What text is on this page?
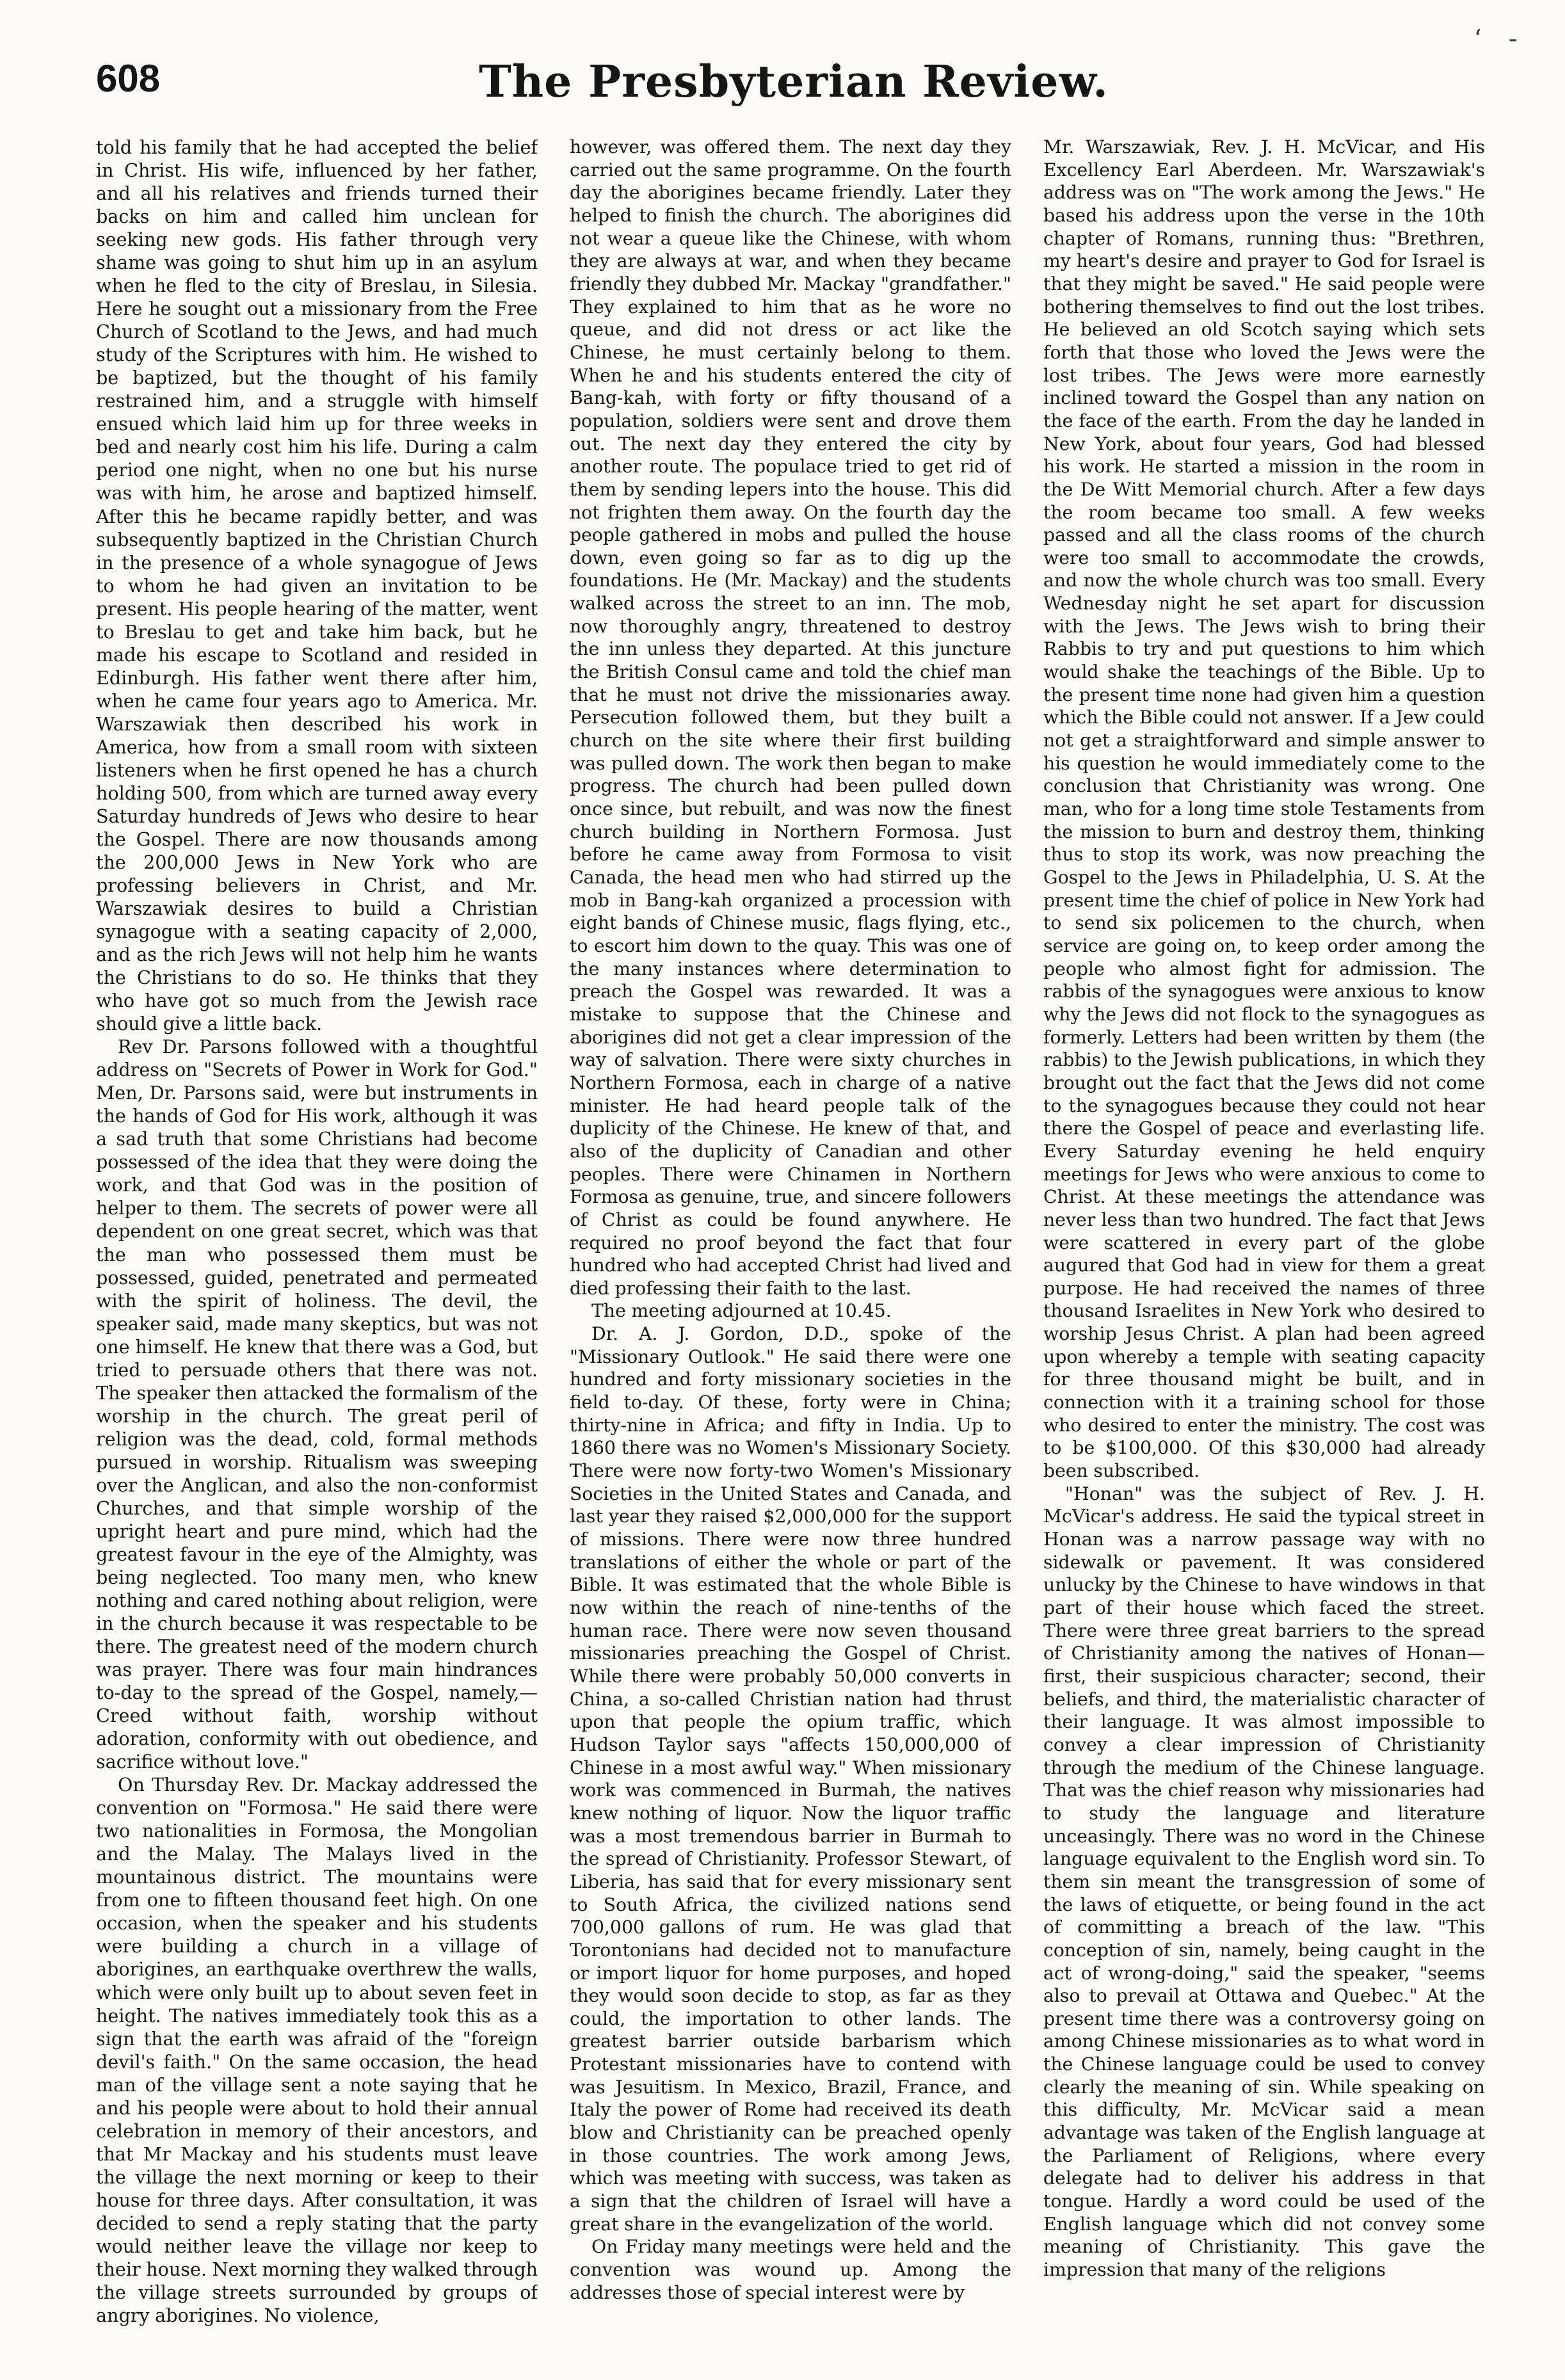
‘ -
608	The Presbyterian Review.

told his family that he had accepted the belief in Christ. His wife, influenced by her father, and all his relatives and friends turned their backs on him and called him unclean for seeking new gods. His father through very shame was going to shut him up in an asylum when he fled to the city of Breslau, in Silesia. Here he sought out a missionary from the Free Church of Scotland to the Jews, and had much study of the Scriptures with him. He wished to be baptized, but the thought of his family restrained him, and a struggle with himself ensued which laid him up for three weeks in bed and nearly cost him his life. During a calm period one night, when no one but his nurse was with him, he arose and baptized himself. After this he became rapidly better, and was subsequently baptized in the Christian Church in the presence of a whole synagogue of Jews to whom he had given an invitation to be present. His people hearing of the matter, went to Breslau to get and take him back, but he made his escape to Scotland and resided in Edinburgh. His father went there after him, when he came four years ago to America. Mr. Warszawiak then described his work in America, how from a small room with sixteen listeners when he first opened he has a church holding 500, from which are turned away every Saturday hundreds of Jews who desire to hear the Gospel. There are now thousands among the 200,000 Jews in New York who are professing believers in Christ, and Mr. Warszawiak desires to build a Christian synagogue with a seating capacity of 2,000, and as the rich Jews will not help him he wants the Christians to do so. He thinks that they who have got so much from the Jewish race should give a little back.

Rev Dr. Parsons followed with a thoughtful address on "Secrets of Power in Work for God." Men, Dr. Parsons said, were but instruments in the hands of God for His work, although it was a sad truth that some Christians had become possessed of the idea that they were doing the work, and that God was in the position of helper to them. The secrets of power were all dependent on one great secret, which was that the man who possessed them must be possessed, guided, penetrated and permeated with the spirit of holiness. The devil, the speaker said, made many skeptics, but was not one himself. He knew that there was a God, but tried to persuade others that there was not. The speaker then attacked the formalism of the worship in the church. The great peril of religion was the dead, cold, formal methods pursued in worship. Ritualism was sweeping over the Anglican, and also the non-conformist Churches, and that simple worship of the upright heart and pure mind, which had the greatest favour in the eye of the Almighty, was being neglected. Too many men, who knew nothing and cared nothing about religion, were in the church because it was respectable to be there. The greatest need of the modern church was prayer. There was four main hindrances to-day to the spread of the Gospel, namely,—Creed without faith, worship without adoration, conformity with out obedience, and sacrifice without love."

On Thursday Rev. Dr. Mackay addressed the convention on "Formosa." He said there were two nationalities in Formosa, the Mongolian and the Malay. The Malays lived in the mountainous district. The mountains were from one to fifteen thousand feet high. On one occasion, when the speaker and his students were building a church in a village of aborigines, an earthquake overthrew the walls, which were only built up to about seven feet in height. The natives immediately took this as a sign that the earth was afraid of the "foreign devil's faith." On the same occasion, the head man of the village sent a note saying that he and his people were about to hold their annual celebration in memory of their ancestors, and that Mr Mackay and his students must leave the village the next morning or keep to their house for three days. After consultation, it was decided to send a reply stating that the party would neither leave the village nor keep to their house. Next morning they walked through the village streets surrounded by groups of angry aborigines. No violence,

however, was offered them. The next day they carried out the same programme. On the fourth day the aborigines became friendly. Later they helped to finish the church. The aborigines did not wear a queue like the Chinese, with whom they are always at war, and when they became friendly they dubbed Mr. Mackay "grandfather." They explained to him that as he wore no queue, and did not dress or act like the Chinese, he must certainly belong to them. When he and his students entered the city of Bang-kah, with forty or fifty thousand of a population, soldiers were sent and drove them out. The next day they entered the city by another route. The populace tried to get rid of them by sending lepers into the house. This did not frighten them away. On the fourth day the people gathered in mobs and pulled the house down, even going so far as to dig up the foundations. He (Mr. Mackay) and the students walked across the street to an inn. The mob, now thoroughly angry, threatened to destroy the inn unless they departed. At this juncture the British Consul came and told the chief man that he must not drive the missionaries away. Persecution followed them, but they built a church on the site where their first building was pulled down. The work then began to make progress. The church had been pulled down once since, but rebuilt, and was now the finest church building in Northern Formosa. Just before he came away from Formosa to visit Canada, the head men who had stirred up the mob in Bang-kah organized a procession with eight bands of Chinese music, flags flying, etc., to escort him down to the quay. This was one of the many instances where determination to preach the Gospel was rewarded. It was a mistake to suppose that the Chinese and aborigines did not get a clear impression of the way of salvation. There were sixty churches in Northern Formosa, each in charge of a native minister. He had heard people talk of the duplicity of the Chinese. He knew of that, and also of the duplicity of Canadian and other peoples. There were Chinamen in Northern Formosa as genuine, true, and sincere followers of Christ as could be found anywhere. He required no proof beyond the fact that four hundred who had accepted Christ had lived and died professing their faith to the last.

The meeting adjourned at 10.45.

Dr. A. J. Gordon, D.D., spoke of the "Missionary Outlook." He said there were one hundred and forty missionary societies in the field to-day. Of these, forty were in China; thirty-nine in Africa; and fifty in India. Up to 1860 there was no Women's Missionary Society. There were now forty-two Women's Missionary Societies in the United States and Canada, and last year they raised $2,000,000 for the support of missions. There were now three hundred translations of either the whole or part of the Bible. It was estimated that the whole Bible is now within the reach of nine-tenths of the human race. There were now seven thousand missionaries preaching the Gospel of Christ. While there were probably 50,000 converts in China, a so-called Christian nation had thrust upon that people the opium traffic, which Hudson Taylor says "affects 150,000,000 of Chinese in a most awful way." When missionary work was commenced in Burmah, the natives knew nothing of liquor. Now the liquor traffic was a most tremendous barrier in Burmah to the spread of Christianity. Professor Stewart, of Liberia, has said that for every missionary sent to South Africa, the civilized nations send 700,000 gallons of rum. He was glad that Torontonians had decided not to manufacture or import liquor for home purposes, and hoped they would soon decide to stop, as far as they could, the importation to other lands. The greatest barrier outside barbarism which Protestant missionaries have to contend with was Jesuitism. In Mexico, Brazil, France, and Italy the power of Rome had received its death blow and Christianity can be preached openly in those countries. The work among Jews, which was meeting with success, was taken as a sign that the children of Israel will have a great share in the evangelization of the world.

On Friday many meetings were held and the convention was wound up. Among the addresses those of special interest were by

Mr. Warszawiak, Rev. J. H. McVicar, and His Excellency Earl Aberdeen. Mr. Warszawiak's address was on "The work among the Jews." He based his address upon the verse in the 10th chapter of Romans, running thus: "Brethren, my heart's desire and prayer to God for Israel is that they might be saved." He said people were bothering themselves to find out the lost tribes. He believed an old Scotch saying which sets forth that those who loved the Jews were the lost tribes. The Jews were more earnestly inclined toward the Gospel than any nation on the face of the earth. From the day he landed in New York, about four years, God had blessed his work. He started a mission in the room in the De Witt Memorial church. After a few days the room became too small. A few weeks passed and all the class rooms of the church were too small to accommodate the crowds, and now the whole church was too small. Every Wednesday night he set apart for discussion with the Jews. The Jews wish to bring their Rabbis to try and put questions to him which would shake the teachings of the Bible. Up to the present time none had given him a question which the Bible could not answer. If a Jew could not get a straightforward and simple answer to his question he would immediately come to the conclusion that Christianity was wrong. One man, who for a long time stole Testaments from the mission to burn and destroy them, thinking thus to stop its work, was now preaching the Gospel to the Jews in Philadelphia, U. S. At the present time the chief of police in New York had to send six policemen to the church, when service are going on, to keep order among the people who almost fight for admission. The rabbis of the synagogues were anxious to know why the Jews did not flock to the synagogues as formerly. Letters had been written by them (the rabbis) to the Jewish publications, in which they brought out the fact that the Jews did not come to the synagogues because they could not hear there the Gospel of peace and everlasting life. Every Saturday evening he held enquiry meetings for Jews who were anxious to come to Christ. At these meetings the attendance was never less than two hundred. The fact that Jews were scattered in every part of the globe augured that God had in view for them a great purpose. He had received the names of three thousand Israelites in New York who desired to worship Jesus Christ. A plan had been agreed upon whereby a temple with seating capacity for three thousand might be built, and in connection with it a training school for those who desired to enter the ministry. The cost was to be $100,000. Of this $30,000 had already been subscribed.

"Honan" was the subject of Rev. J. H. McVicar's address. He said the typical street in Honan was a narrow passage way with no sidewalk or pavement. It was considered unlucky by the Chinese to have windows in that part of their house which faced the street. There were three great barriers to the spread of Christianity among the natives of Honan—first, their suspicious character; second, their beliefs, and third, the materialistic character of their language. It was almost impossible to convey a clear impression of Christianity through the medium of the Chinese language. That was the chief reason why missionaries had to study the language and literature unceasingly. There was no word in the Chinese language equivalent to the English word sin. To them sin meant the transgression of some of the laws of etiquette, or being found in the act of committing a breach of the law. "This conception of sin, namely, being caught in the act of wrong-doing," said the speaker, "seems also to prevail at Ottawa and Quebec." At the present time there was a controversy going on among Chinese missionaries as to what word in the Chinese language could be used to convey clearly the meaning of sin. While speaking on this difficulty, Mr. McVicar said a mean advantage was taken of the English language at the Parliament of Religions, where every delegate had to deliver his address in that tongue. Hardly a word could be used of the English language which did not convey some meaning of Christianity. This gave the impression that many of the religions
